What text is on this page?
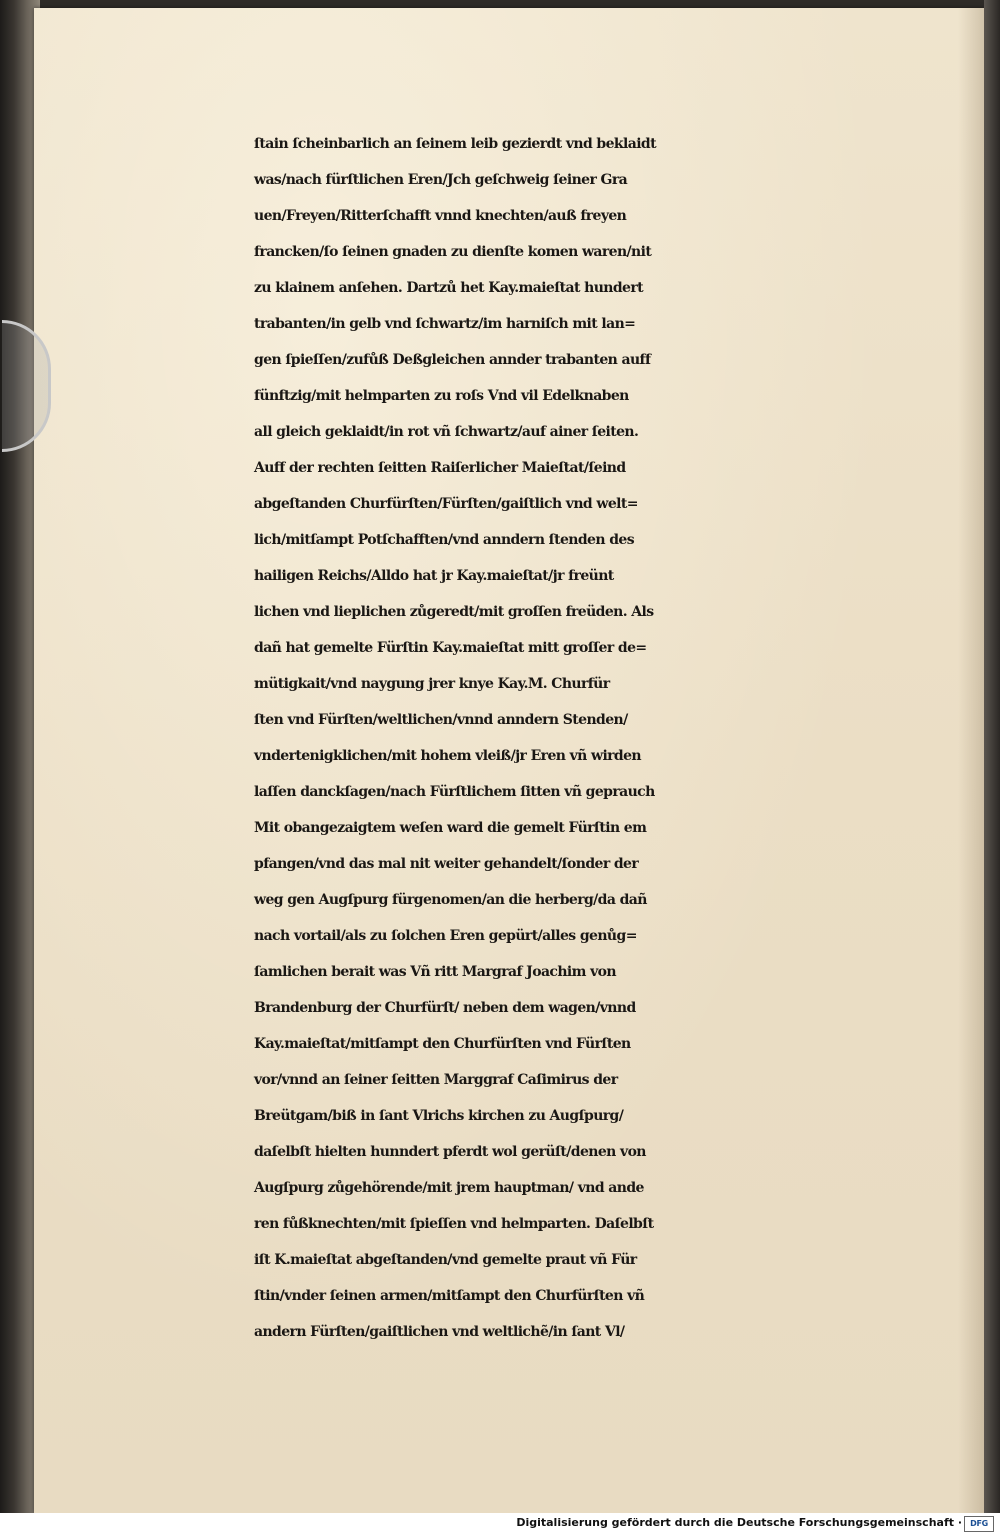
ſtain ſcheinbarlich an ſeinem leib gezierdt vnd beklaidt
was/nach fürſtlichen Eren/Jch geſchweig ſeiner Gra
uen/Freyen/Ritterſchafft vnnd knechten/auß freyen
francken/ſo ſeinen gnaden zu dienſte komen waren/nit
zu klainem anſehen. Dartzů het Kay.maieſtat hundert
trabanten/in gelb vnd ſchwartz/im harniſch mit lan=
gen ſpieſſen/zufůß Deßgleichen annder trabanten auff
fünftzig/mit helmparten zu roſs Vnd vil Edelknaben
all gleich geklaidt/in rot vñ ſchwartz/auf ainer ſeiten.
Auff der rechten ſeitten Raiſerlicher Maieſtat/ſeind
abgeſtanden Churfürſten/Fürſten/gaiſtlich vnd welt=
lich/mitſampt Potſchafften/vnd anndern ſtenden des
hailigen Reichs/Alldo hat jr Kay.maieſtat/jr freünt
lichen vnd lieplichen zůgeredt/mit groſſen freüden. Als
dañ hat gemelte Fürſtin Kay.maieſtat mitt groſſer de=
mütigkait/vnd naygung jrer knye Kay.M. Churfür
ſten vnd Fürſten/weltlichen/vnnd anndern Stenden/
vndertenigklichen/mit hohem vleiß/jr Eren vñ wirden
laſſen danckſagen/nach Fürſtlichem ſitten vñ geprauch
Mit obangezaigtem weſen ward die gemelt Fürſtin em
pfangen/vnd das mal nit weiter gehandelt/ſonder der
weg gen Augſpurg fürgenomen/an die herberg/da dañ
nach vortail/als zu ſolchen Eren gepürt/alles genůg=
ſamlichen berait was Vñ ritt Margraf Joachim von
Brandenburg der Churfürſt/ neben dem wagen/vnnd
Kay.maieſtat/mitſampt den Churfürſten vnd Fürſten
vor/vnnd an ſeiner ſeitten Marggraf Caſimirus der
Breütgam/biß in ſant Vlrichs kirchen zu Augſpurg/
daſelbſt hielten hunndert pferdt wol gerüſt/denen von
Augſpurg zůgehörende/mit jrem hauptman/ vnd ande
ren fůßknechten/mit ſpieſſen vnd helmparten. Daſelbſt
iſt K.maieſtat abgeſtanden/vnd gemelte praut vñ Für
ſtin/vnder ſeinen armen/mitſampt den Churfürſten vñ
andern Fürſten/gaiſtlichen vnd weltlichẽ/in ſant Vl/
Digitalisierung gefördert durch die Deutsche Forschungsgemeinschaft ·	DFG
